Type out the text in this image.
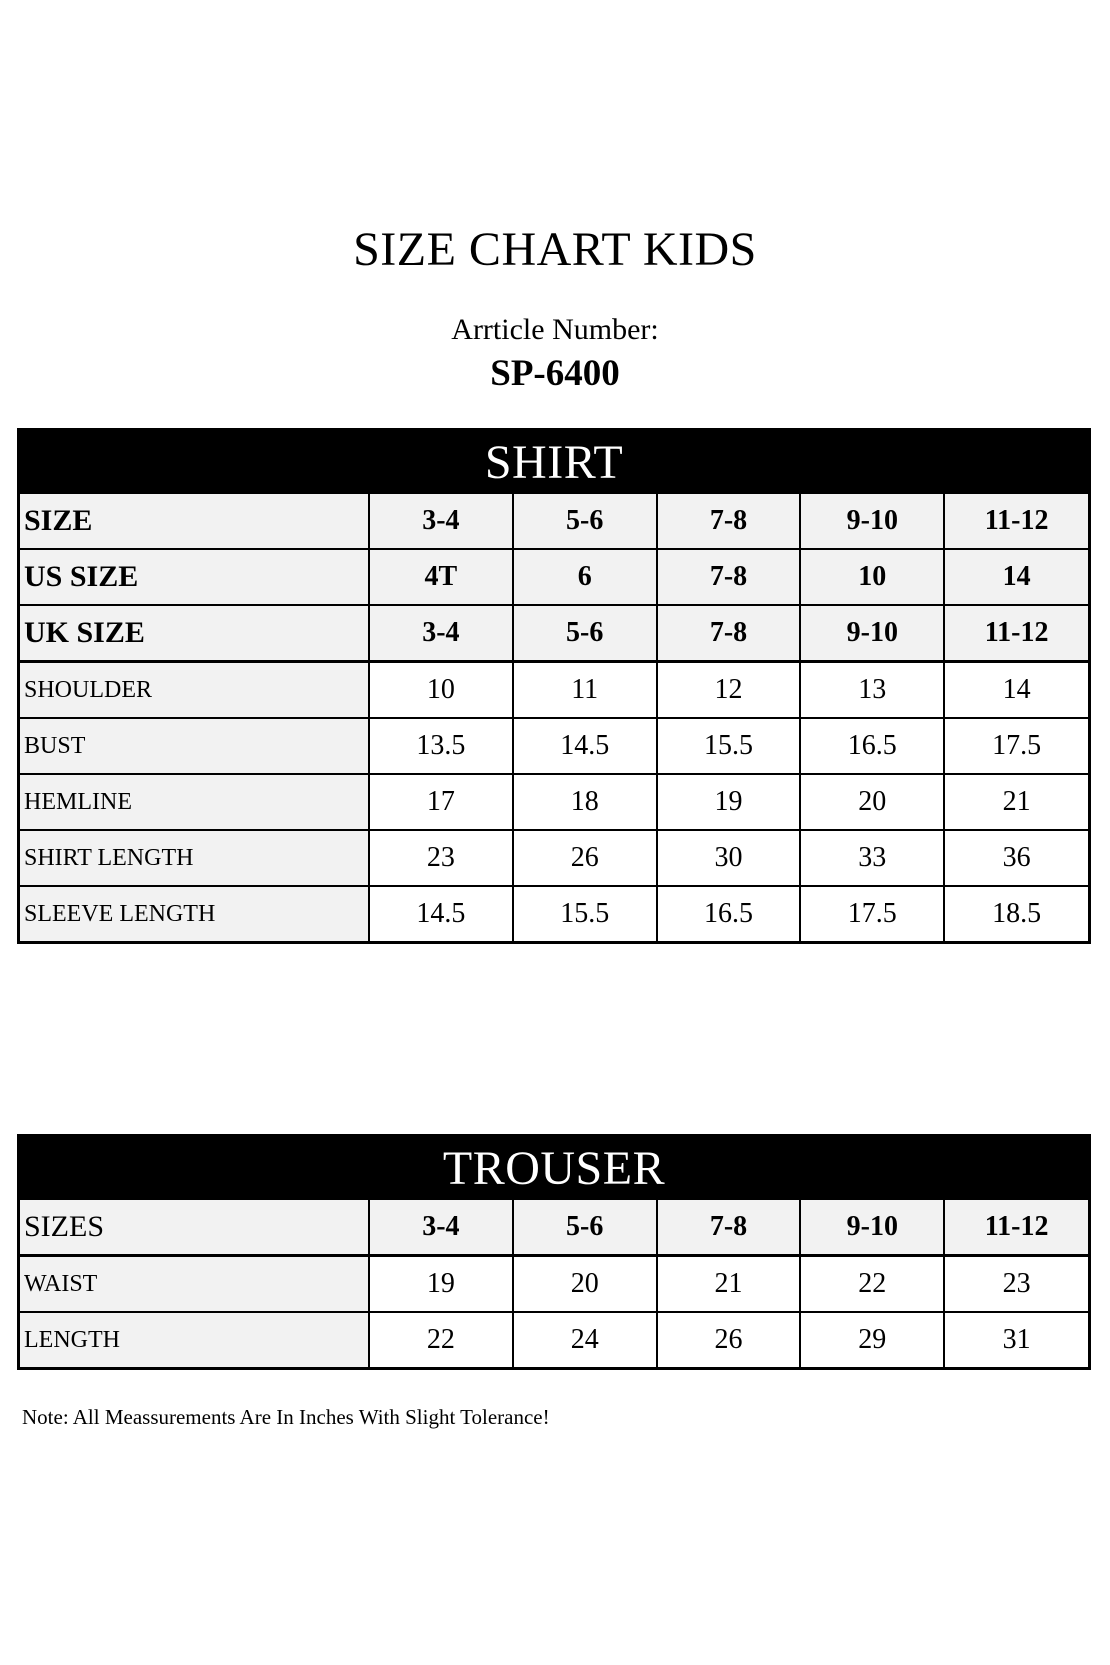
SIZE CHART KIDS
Arrticle Number:
SP-6400
SHIRT
SIZE	3-4	5-6	7-8	9-10	11-12
US SIZE	4T	6	7-8	10	14
UK SIZE	3-4	5-6	7-8	9-10	11-12
SHOULDER	10	11	12	13	14
BUST	13.5	14.5	15.5	16.5	17.5
HEMLINE	17	18	19	20	21
SHIRT LENGTH	23	26	30	33	36
SLEEVE LENGTH	14.5	15.5	16.5	17.5	18.5
TROUSER
SIZES	3-4	5-6	7-8	9-10	11-12
WAIST	19	20	21	22	23
LENGTH	22	24	26	29	31
Note: All Meassurements Are In Inches With Slight Tolerance!
